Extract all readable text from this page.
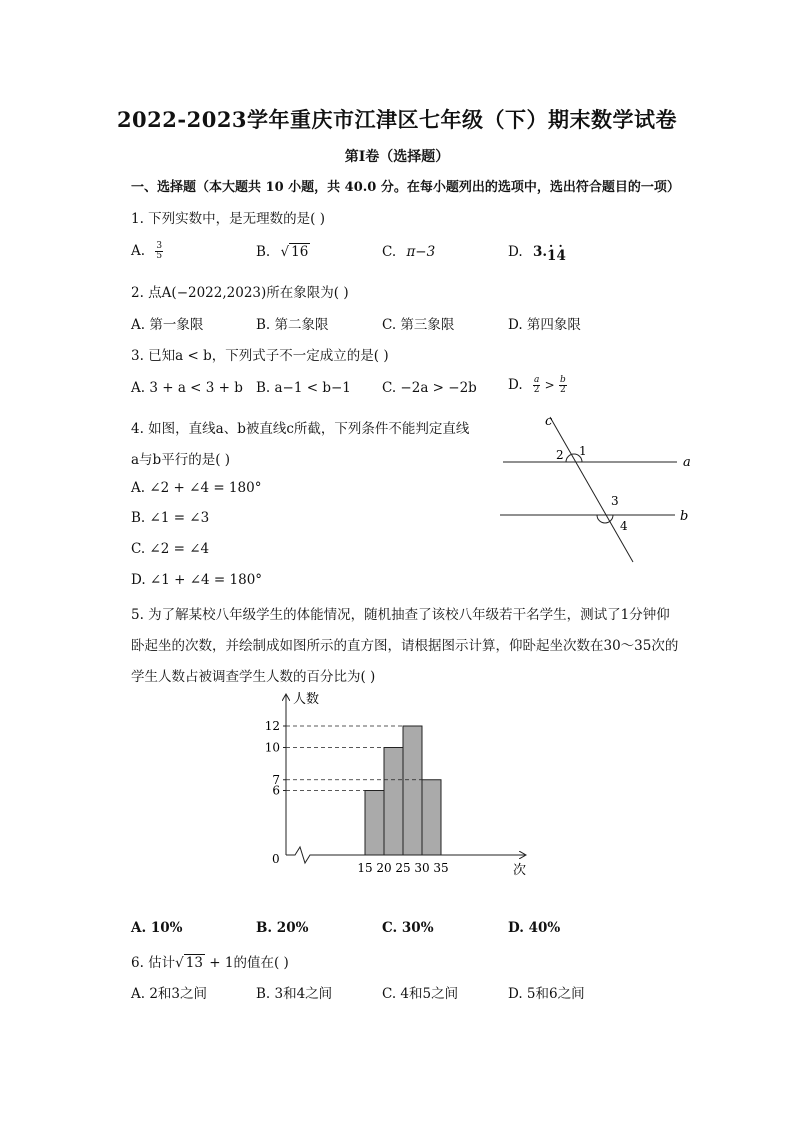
2022-2023学年重庆市江津区七年级（下）期末数学试卷
第Ⅰ卷（选择题）
一、选择题（本大题共 10 小题，共 40.0 分。在每小题列出的选项中，选出符合题目的一项）
1. 下列实数中，是无理数的是( )
A. $\frac{3}{5}$	B. √ 16	C. π−3	D. 3.· 1· 4
2. 点A(−2022,2023)所在象限为( )
A. 第一象限	B. 第二象限	C. 第三象限	D. 第四象限
3. 已知a < b，下列式子不一定成立的是( )
A. 3 + a < 3 + b B. a−1 < b−1 C. −2a > −2b D. $\frac{a}{2} > \frac{b}{2}$
4. 如图，直线a、b被直线c所截，下列条件不能判定直线
a与b平行的是( )
A. ∠2 + ∠4 = 180°
B. ∠1 = ∠3
C. ∠2 = ∠4
D. ∠1 + ∠4 = 180°
c
a
b
1
2
3
4
5. 为了解某校八年级学生的体能情况，随机抽查了该校八年级若干名学生，测试了1分钟仰
卧起坐的次数，并绘制成如图所示的直方图，请根据图示计算，仰卧起坐次数在30～35次的
学生人数占被调查学生人数的百分比为( )
人数
次
0
6
7
10
12
15 20 25 30 35
A. 10%	B. 20%	C. 30%	D. 40%
6. 估计√ 13 + 1的值在( )
A. 2和3之间	B. 3和4之间	C. 4和5之间	D. 5和6之间
